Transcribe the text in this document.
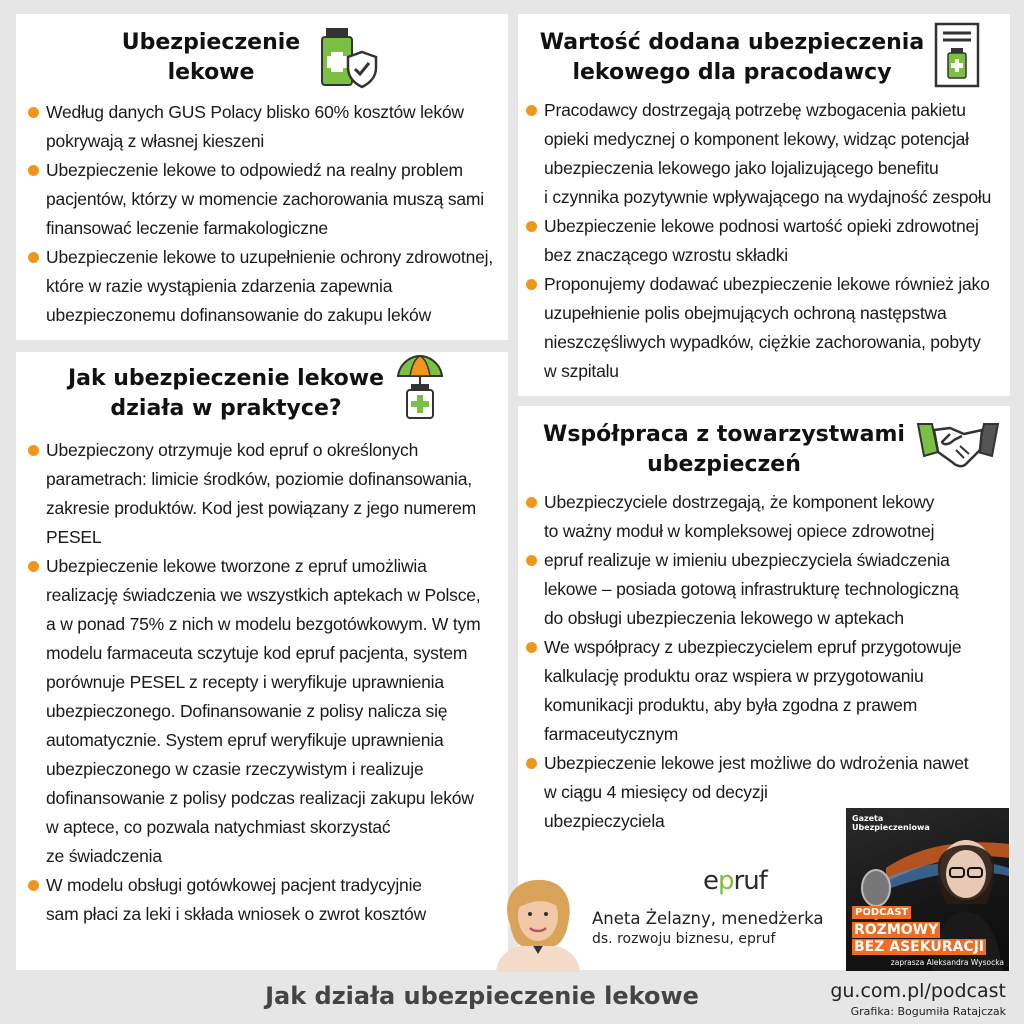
Ubezpieczenie
lekowe
Według danych GUS Polacy blisko 60% kosztów leków
pokrywają z własnej kieszeni
Ubezpieczenie lekowe to odpowiedź na realny problem
pacjentów, którzy w momencie zachorowania muszą sami
finansować leczenie farmakologiczne
Ubezpieczenie lekowe to uzupełnienie ochrony zdrowotnej,
które w razie wystąpienia zdarzenia zapewnia
ubezpieczonemu dofinansowanie do zakupu leków
Jak ubezpieczenie lekowe
działa w praktyce?
Ubezpieczony otrzymuje kod epruf o określonych
parametrach: limicie środków, poziomie dofinansowania,
zakresie produktów. Kod jest powiązany z jego numerem
PESEL
Ubezpieczenie lekowe tworzone z epruf umożliwia
realizację świadczenia we wszystkich aptekach w Polsce,
a w ponad 75% z nich w modelu bezgotówkowym. W tym
modelu farmaceuta sczytuje kod epruf pacjenta, system
porównuje PESEL z recepty i weryfikuje uprawnienia
ubezpieczonego. Dofinansowanie z polisy nalicza się
automatycznie. System epruf weryfikuje uprawnienia
ubezpieczonego w czasie rzeczywistym i realizuje
dofinansowanie z polisy podczas realizacji zakupu leków
w aptece, co pozwala natychmiast skorzystać
ze świadczenia
W modelu obsługi gotówkowej pacjent tradycyjnie
sam płaci za leki i składa wniosek o zwrot kosztów
Wartość dodana ubezpieczenia
lekowego dla pracodawcy
Pracodawcy dostrzegają potrzebę wzbogacenia pakietu
opieki medycznej o komponent lekowy, widząc potencjał
ubezpieczenia lekowego jako lojalizującego benefitu
i czynnika pozytywnie wpływającego na wydajność zespołu
Ubezpieczenie lekowe podnosi wartość opieki zdrowotnej
bez znaczącego wzrostu składki
Proponujemy dodawać ubezpieczenie lekowe również jako
uzupełnienie polis obejmujących ochroną następstwa
nieszczęśliwych wypadków, ciężkie zachorowania, pobyty
w szpitalu
Współpraca z towarzystwami
ubezpieczeń
Ubezpieczyciele dostrzegają, że komponent lekowy
to ważny moduł w kompleksowej opiece zdrowotnej
epruf realizuje w imieniu ubezpieczyciela świadczenia
lekowe – posiada gotową infrastrukturę technologiczną
do obsługi ubezpieczenia lekowego w aptekach
We współpracy z ubezpieczycielem epruf przygotowuje
kalkulację produktu oraz wspiera w przygotowaniu
komunikacji produktu, aby była zgodna z prawem
farmaceutycznym
Ubezpieczenie lekowe jest możliwe do wdrożenia nawet
w ciągu 4 miesięcy od decyzji
ubezpieczyciela
epruf
Aneta Żelazny, menedżerka
ds. rozwoju biznesu, epruf
Gazeta
Ubezpieczeniowa
PODCAST
ROZMOWY
BEZ ASEKURACJI
zaprasza Aleksandra Wysocka
Jak działa ubezpieczenie lekowe	gu.com.pl/podcast
Grafika: Bogumiła Ratajczak
